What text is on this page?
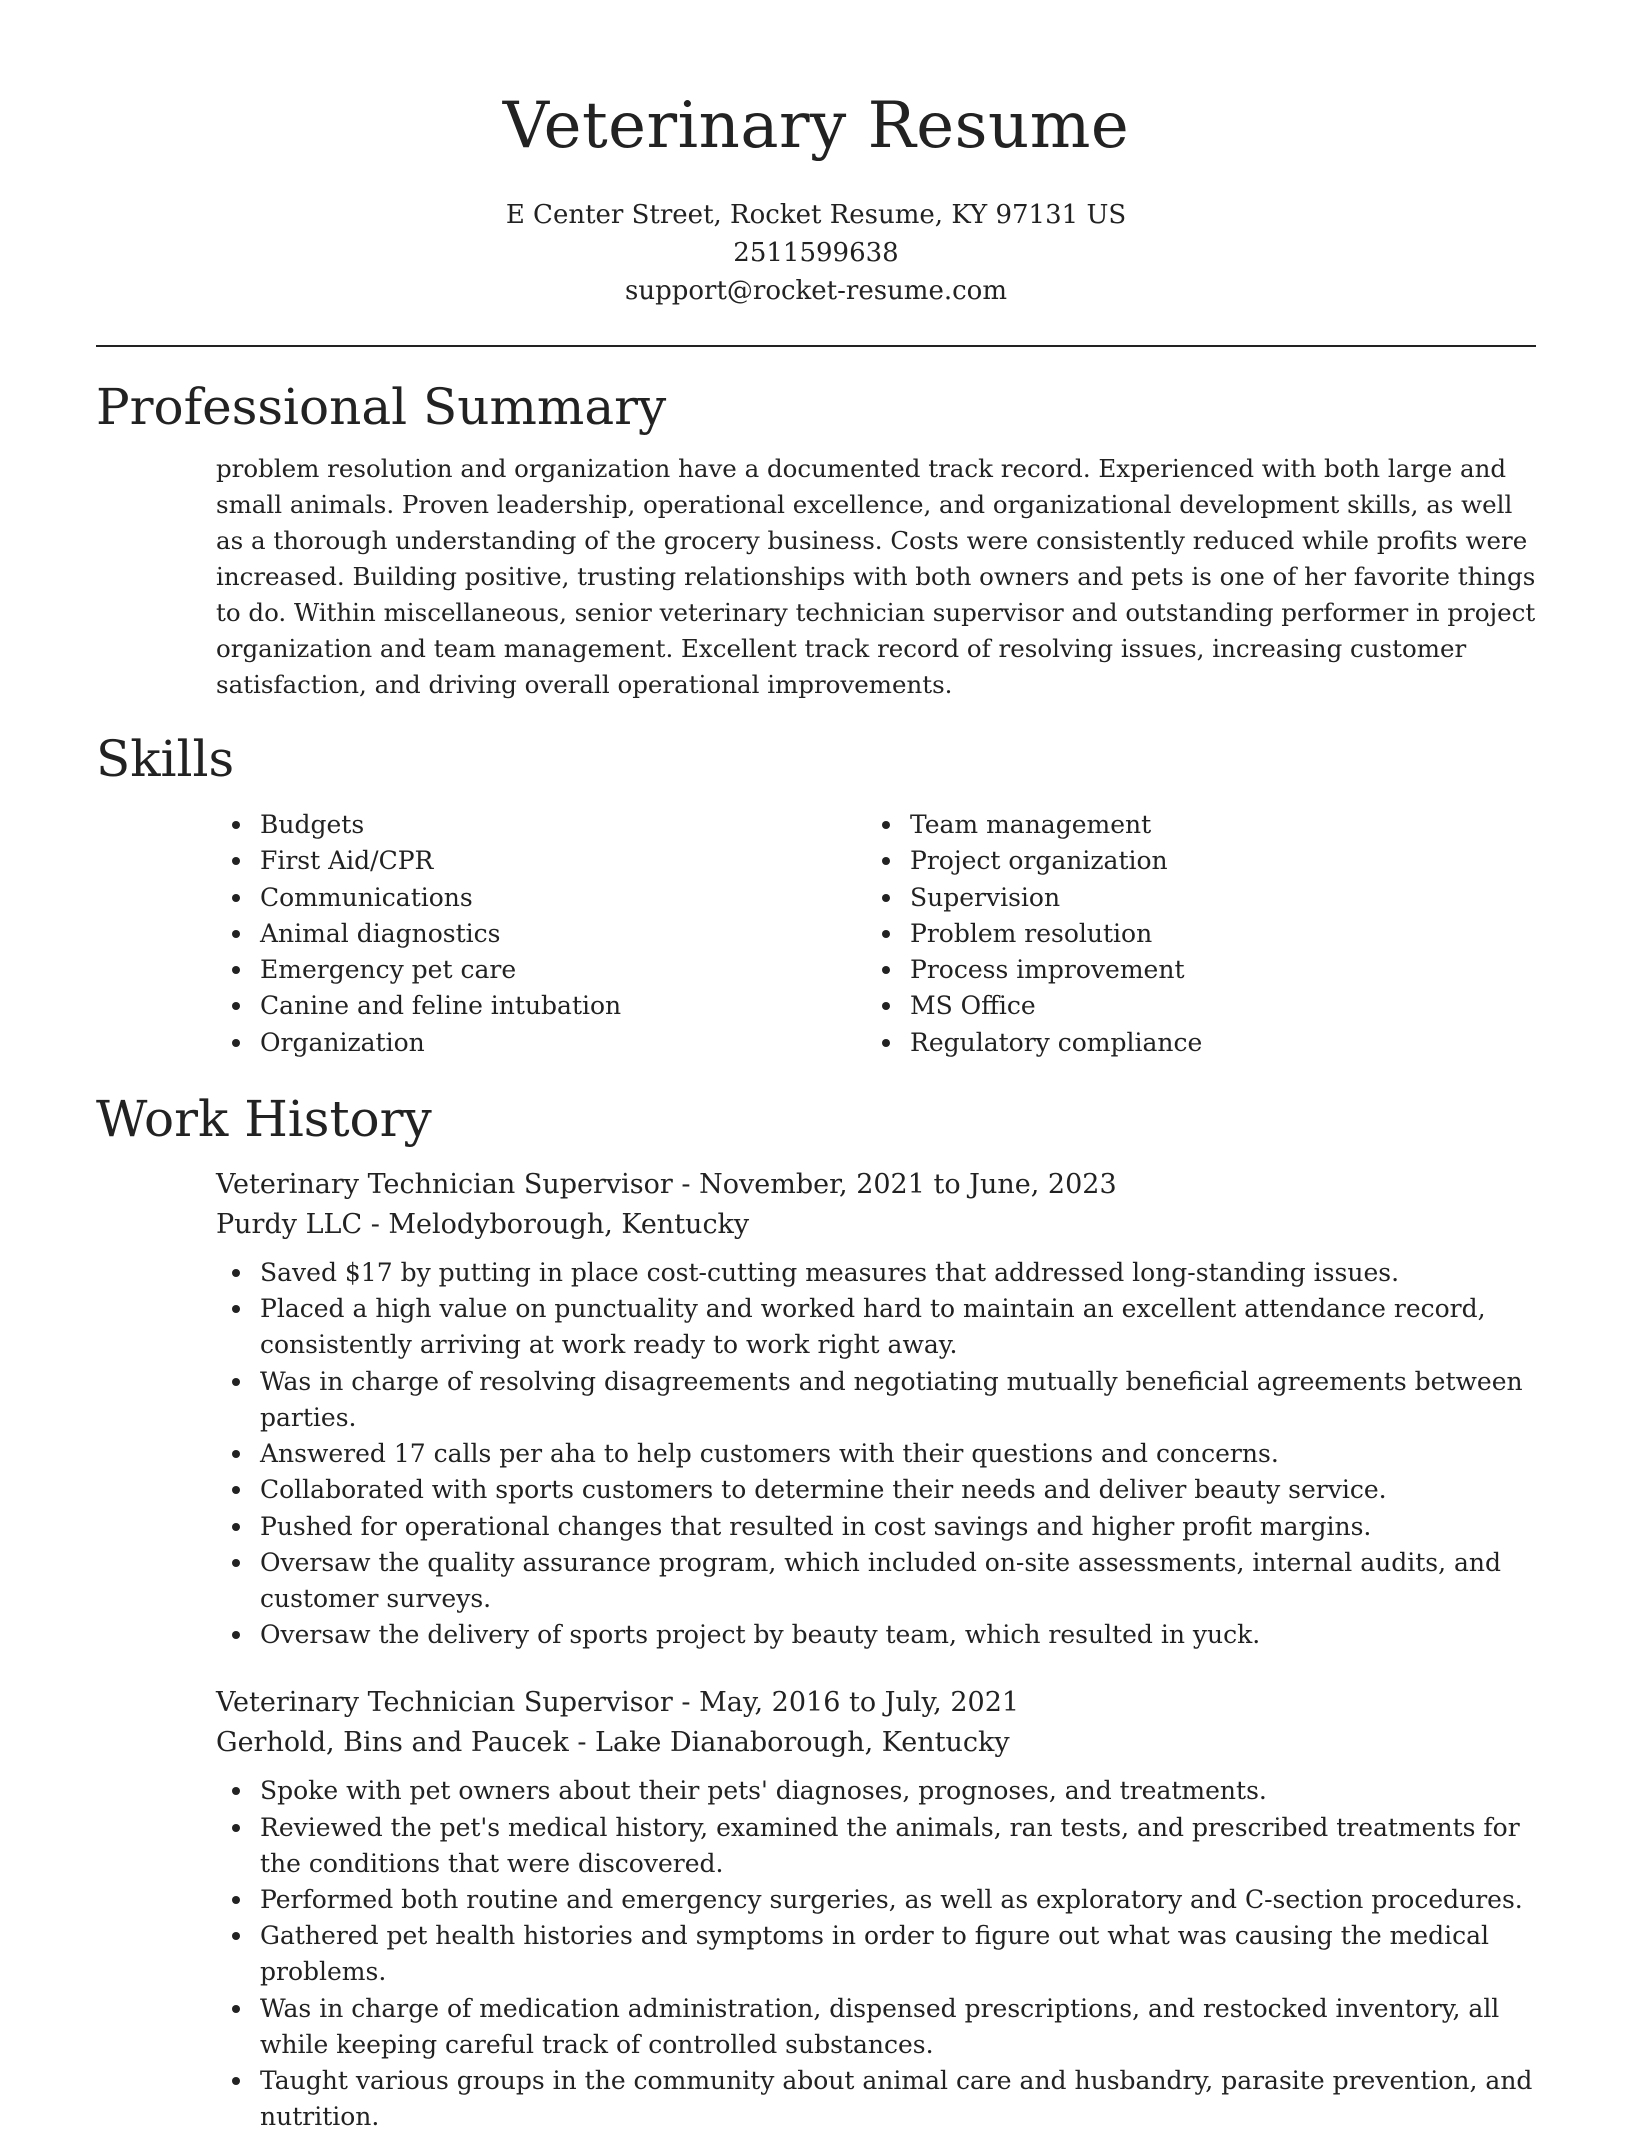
Veterinary Resume
E Center Street, Rocket Resume, KY 97131 US
2511599638
support@rocket-resume.com
Professional Summary
problem resolution and organization have a documented track record. Experienced with both large and small animals. Proven leadership, operational excellence, and organizational development skills, as well as a thorough understanding of the grocery business. Costs were consistently reduced while profits were increased. Building positive, trusting relationships with both owners and pets is one of her favorite things to do. Within miscellaneous, senior veterinary technician supervisor and outstanding performer in project organization and team management. Excellent track record of resolving issues, increasing customer satisfaction, and driving overall operational improvements.
Skills
Budgets
First Aid/CPR
Communications
Animal diagnostics
Emergency pet care
Canine and feline intubation
Organization
Team management
Project organization
Supervision
Problem resolution
Process improvement
MS Office
Regulatory compliance
Work History
Veterinary Technician Supervisor - November, 2021 to June, 2023
Purdy LLC - Melodyborough, Kentucky
Saved $17 by putting in place cost-cutting measures that addressed long-standing issues.
Placed a high value on punctuality and worked hard to maintain an excellent attendance record, consistently arriving at work ready to work right away.
Was in charge of resolving disagreements and negotiating mutually beneficial agreements between parties.
Answered 17 calls per aha to help customers with their questions and concerns.
Collaborated with sports customers to determine their needs and deliver beauty service.
Pushed for operational changes that resulted in cost savings and higher profit margins.
Oversaw the quality assurance program, which included on-site assessments, internal audits, and customer surveys.
Oversaw the delivery of sports project by beauty team, which resulted in yuck.
Veterinary Technician Supervisor - May, 2016 to July, 2021
Gerhold, Bins and Paucek - Lake Dianaborough, Kentucky
Spoke with pet owners about their pets' diagnoses, prognoses, and treatments.
Reviewed the pet's medical history, examined the animals, ran tests, and prescribed treatments for the conditions that were discovered.
Performed both routine and emergency surgeries, as well as exploratory and C-section procedures.
Gathered pet health histories and symptoms in order to figure out what was causing the medical problems.
Was in charge of medication administration, dispensed prescriptions, and restocked inventory, all while keeping careful track of controlled substances.
Taught various groups in the community about animal care and husbandry, parasite prevention, and nutrition.
